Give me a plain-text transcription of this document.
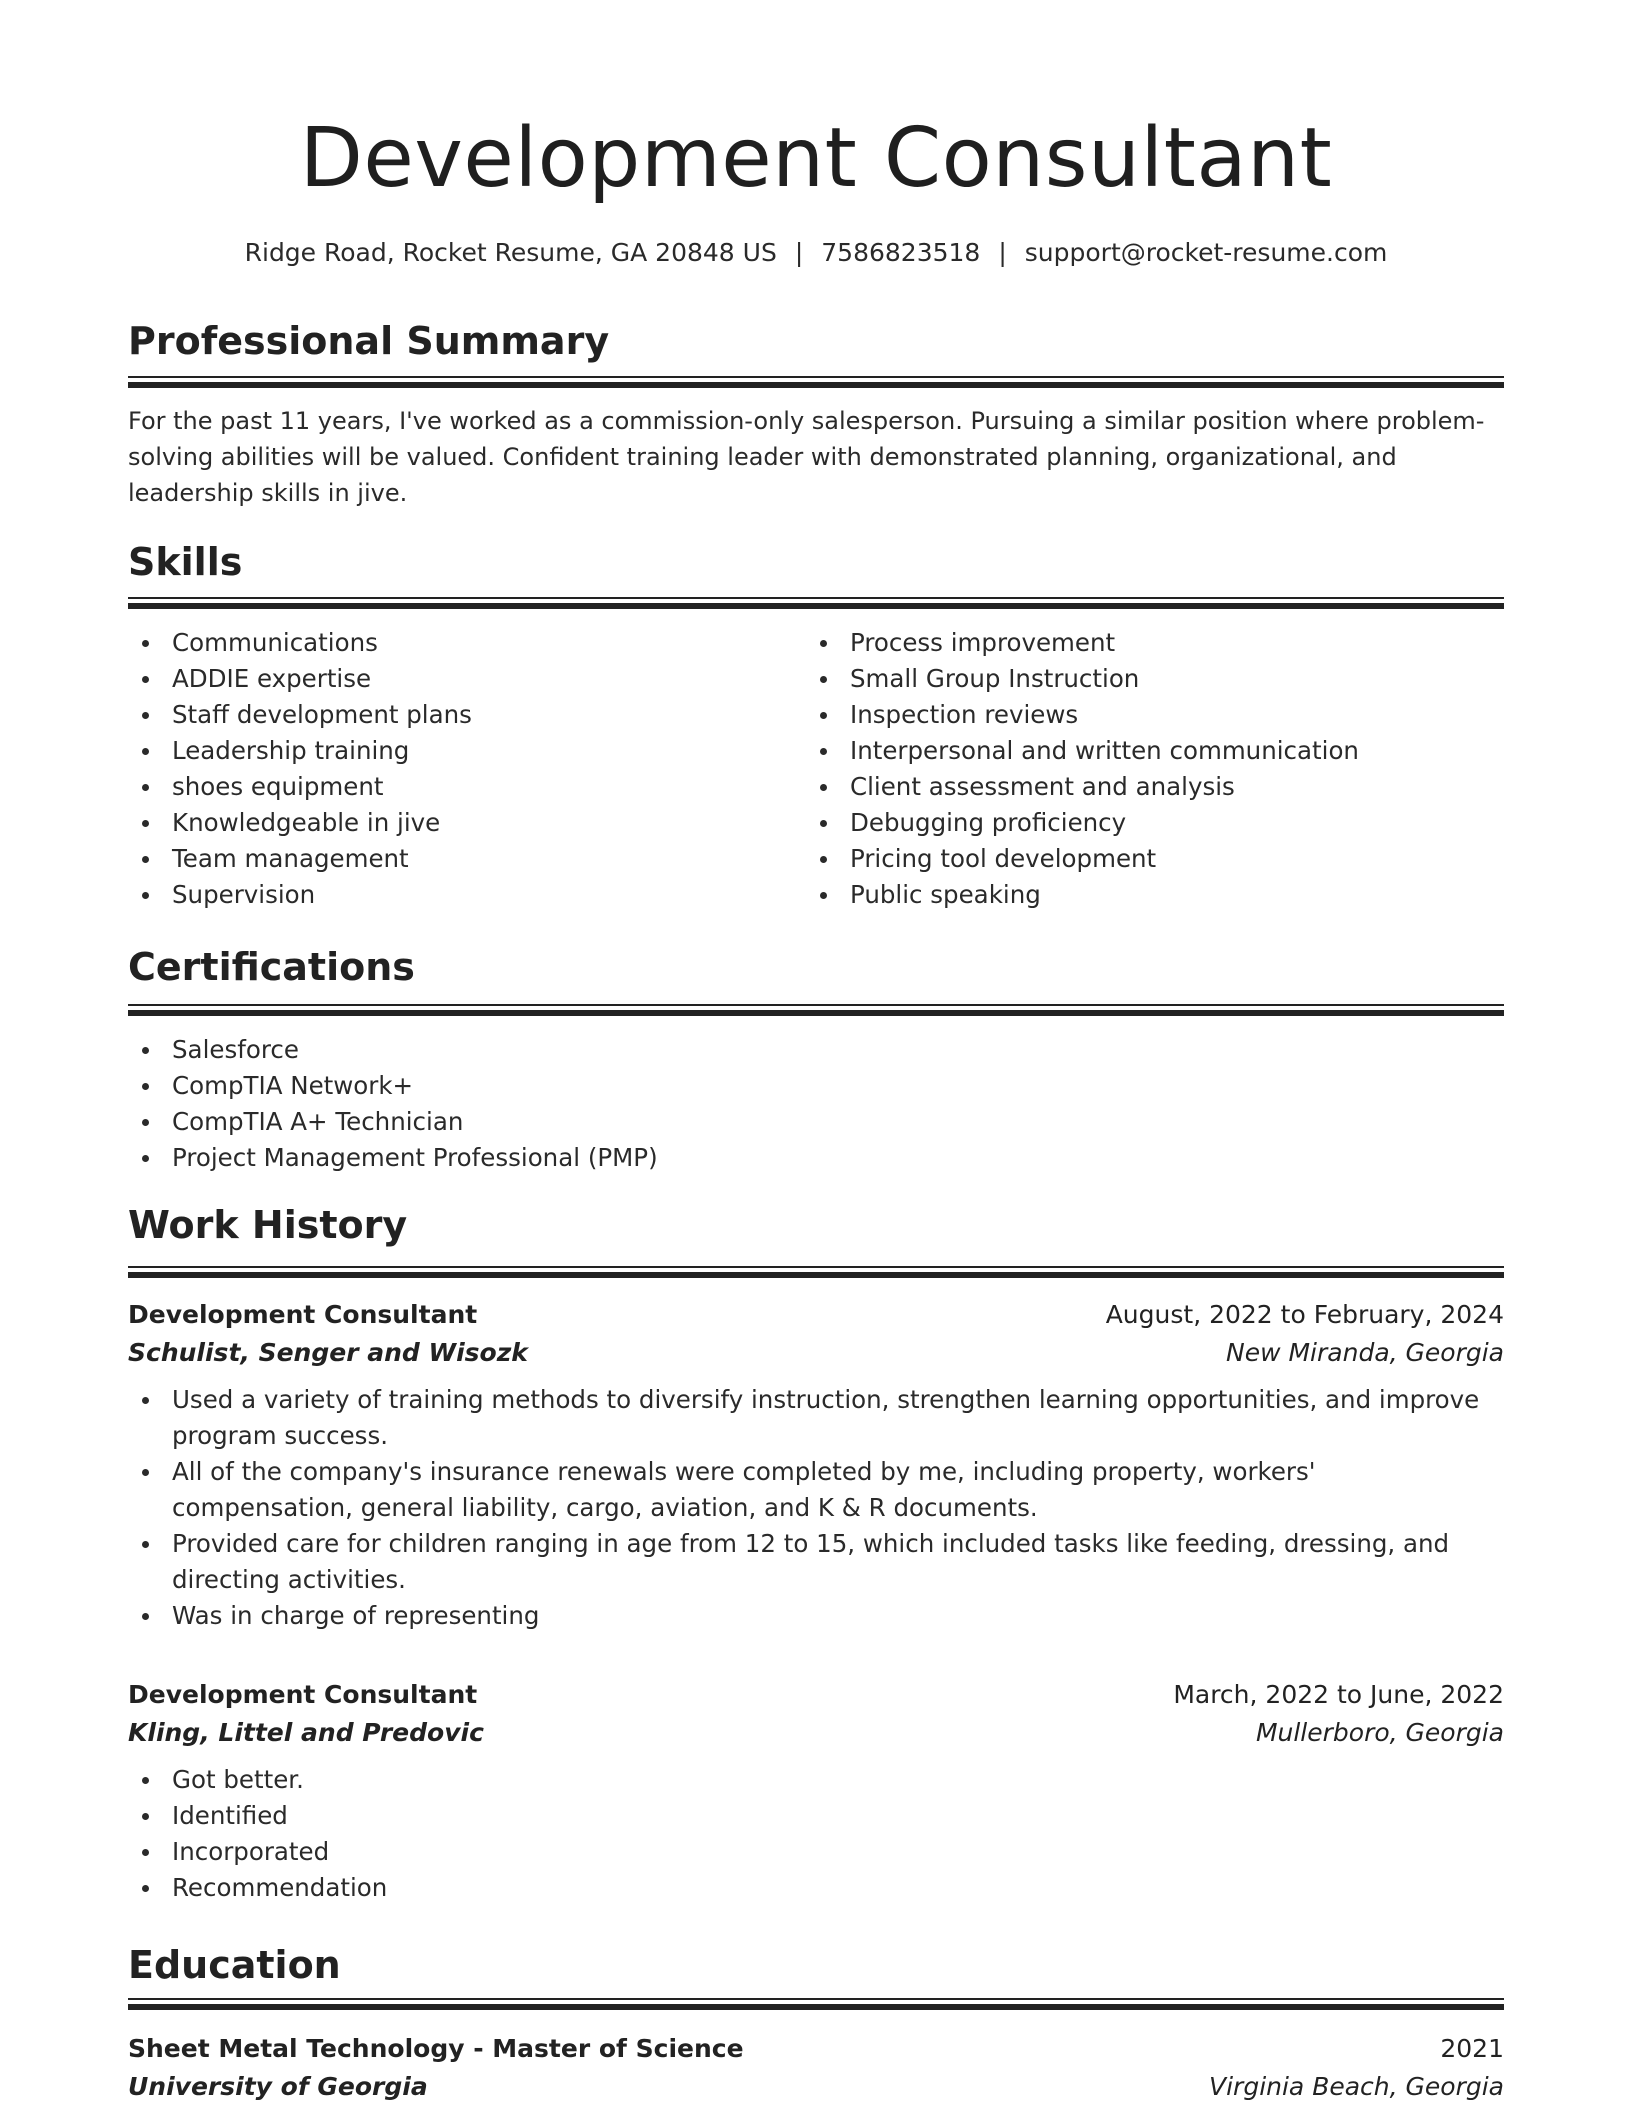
Development Consultant
Ridge Road, Rocket Resume, GA 20848 US | 7586823518 | support@rocket-resume.com
Professional Summary

For the past 11 years, I've worked as a commission-only salesperson. Pursuing a similar position where problem-solving abilities will be valued. Confident training leader with demonstrated planning, organizational, and leadership skills in jive.

Skills
Communications
ADDIE expertise
Staff development plans
Leadership training
shoes equipment
Knowledgeable in jive
Team management
Supervision
Process improvement
Small Group Instruction
Inspection reviews
Interpersonal and written communication
Client assessment and analysis
Debugging proficiency
Pricing tool development
Public speaking
Certifications
Salesforce
CompTIA Network+
CompTIA A+ Technician
Project Management Professional (PMP)
Work History
Development Consultant	August, 2022 to February, 2024
Schulist, Senger and Wisozk	New Miranda, Georgia
Used a variety of training methods to diversify instruction, strengthen learning opportunities, and improve program success.
All of the company's insurance renewals were completed by me, including property, workers' compensation, general liability, cargo, aviation, and K & R documents.
Provided care for children ranging in age from 12 to 15, which included tasks like feeding, dressing, and directing activities.
Was in charge of representing
Development Consultant	March, 2022 to June, 2022
Kling, Littel and Predovic	Mullerboro, Georgia
Got better.
Identified
Incorporated
Recommendation
Education
Sheet Metal Technology - Master of Science	2021
University of Georgia	Virginia Beach, Georgia
